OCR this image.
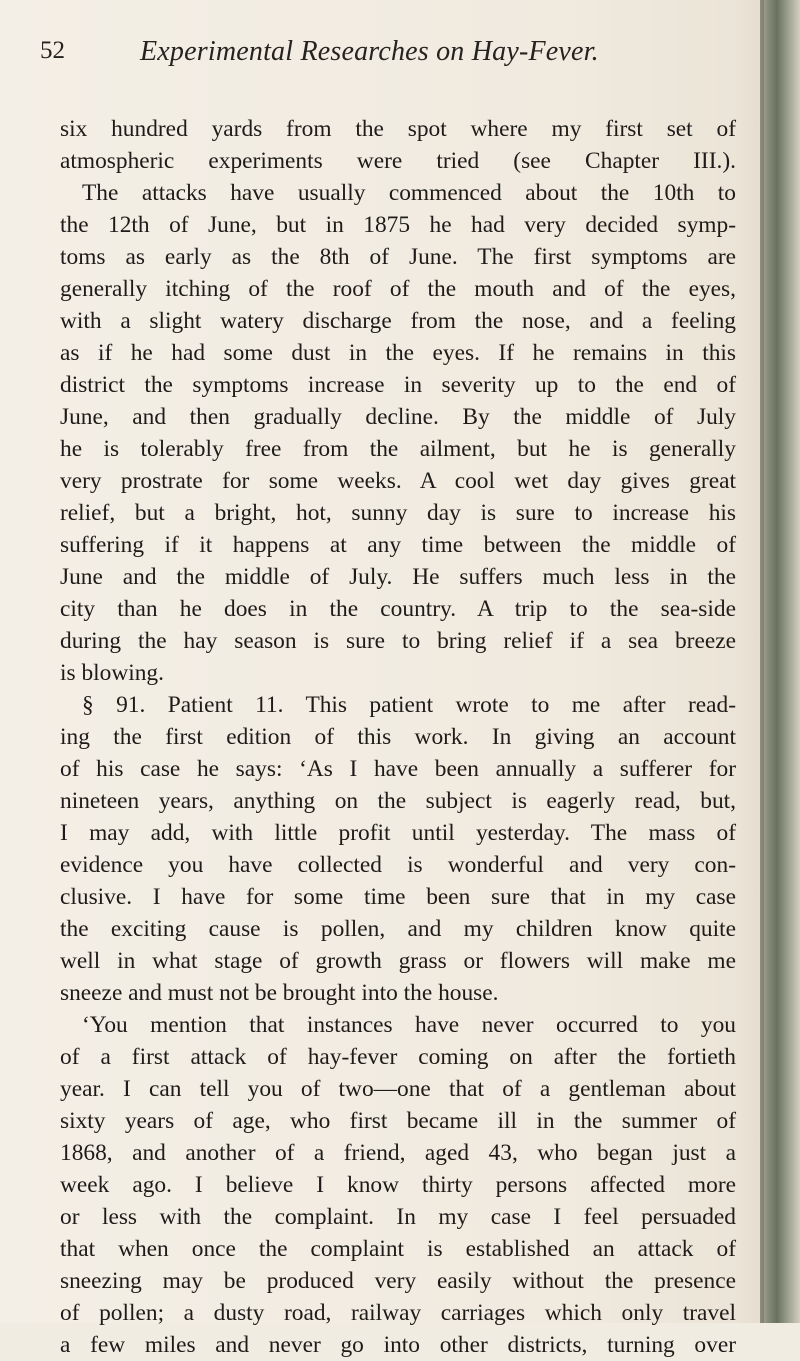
52	Experimental Researches on Hay-Fever.
six hundred yards from the spot where my first set of
atmospheric experiments were tried (see Chapter III.).
The attacks have usually commenced about the 10th to
the 12th of June, but in 1875 he had very decided symp-
toms as early as the 8th of June. The first symptoms are
generally itching of the roof of the mouth and of the eyes,
with a slight watery discharge from the nose, and a feeling
as if he had some dust in the eyes. If he remains in this
district the symptoms increase in severity up to the end of
June, and then gradually decline. By the middle of July
he is tolerably free from the ailment, but he is generally
very prostrate for some weeks. A cool wet day gives great
relief, but a bright, hot, sunny day is sure to increase his
suffering if it happens at any time between the middle of
June and the middle of July. He suffers much less in the
city than he does in the country. A trip to the sea-side
during the hay season is sure to bring relief if a sea breeze
is blowing.
§ 91. Patient 11. This patient wrote to me after read-
ing the first edition of this work. In giving an account
of his case he says: ‘As I have been annually a sufferer for
nineteen years, anything on the subject is eagerly read, but,
I may add, with little profit until yesterday. The mass of
evidence you have collected is wonderful and very con-
clusive. I have for some time been sure that in my case
the exciting cause is pollen, and my children know quite
well in what stage of growth grass or flowers will make me
sneeze and must not be brought into the house.
‘You mention that instances have never occurred to you
of a first attack of hay-fever coming on after the fortieth
year. I can tell you of two—one that of a gentleman about
sixty years of age, who first became ill in the summer of
1868, and another of a friend, aged 43, who began just a
week ago. I believe I know thirty persons affected more
or less with the complaint. In my case I feel persuaded
that when once the complaint is established an attack of
sneezing may be produced very easily without the presence
of pollen; a dusty road, railway carriages which only travel
a few miles and never go into other districts, turning over
